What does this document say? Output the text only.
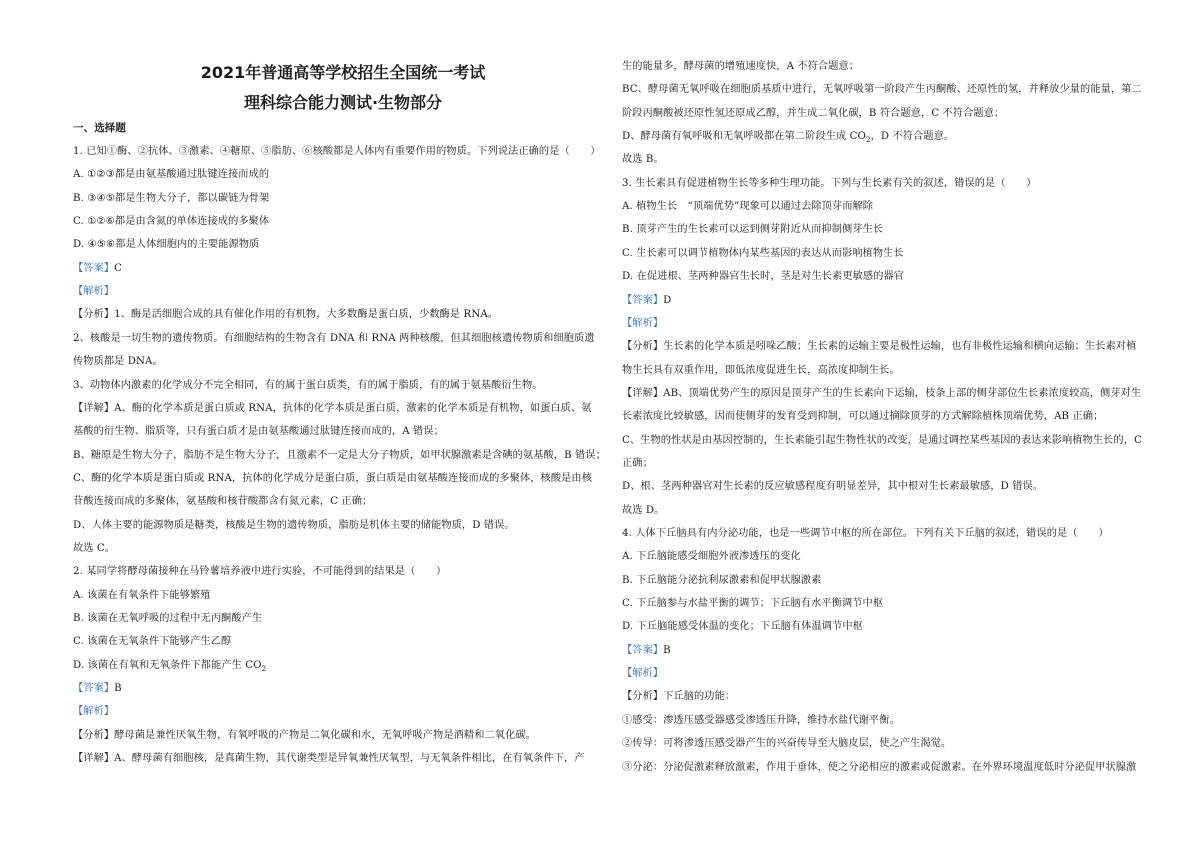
2021年普通高等学校招生全国统一考试
理科综合能力测试·生物部分
一、选择题
1. 已知①酶、②抗体、③激素、④糖原、⑤脂肪、⑥核酸都是人体内有重要作用的物质。下列说法正确的是（　　）
A. ①②③都是由氨基酸通过肽键连接而成的
B. ③④⑤都是生物大分子，都以碳链为骨架
C. ①②⑥都是由含氮的单体连接成的多聚体
D. ④⑤⑥都是人体细胞内的主要能源物质
【答案】C
【解析】
【分析】1、酶是活细胞合成的具有催化作用的有机物，大多数酶是蛋白质，少数酶是 RNA。
2、核酸是一切生物的遗传物质。有细胞结构的生物含有 DNA 和 RNA 两种核酸，但其细胞核遗传物质和细胞质遗
传物质都是 DNA。
3、动物体内激素的化学成分不完全相同，有的属于蛋白质类，有的属于脂质，有的属于氨基酸衍生物。
【详解】A、酶的化学本质是蛋白质或 RNA，抗体的化学本质是蛋白质，激素的化学本质是有机物，如蛋白质、氨
基酸的衍生物、脂质等，只有蛋白质才是由氨基酸通过肽键连接而成的，A 错误；
B、糖原是生物大分子，脂肪不是生物大分子，且激素不一定是大分子物质，如甲状腺激素是含碘的氨基酸，B 错误；
C、酶的化学本质是蛋白质或 RNA，抗体的化学成分是蛋白质，蛋白质是由氨基酸连接而成的多聚体，核酸是由核
苷酸连接而成的多聚体，氨基酸和核苷酸都含有氮元素，C 正确；
D、人体主要的能源物质是糖类，核酸是生物的遗传物质，脂肪是机体主要的储能物质，D 错误。
故选 C。
2. 某同学将酵母菌接种在马铃薯培养液中进行实验，不可能得到的结果是（　　）
A. 该菌在有氧条件下能够繁殖
B. 该菌在无氧呼吸的过程中无丙酮酸产生
C. 该菌在无氧条件下能够产生乙醇
D. 该菌在有氧和无氧条件下都能产生 $CO_2$
【答案】B
【解析】
【分析】酵母菌是兼性厌氧生物，有氧呼吸的产物是二氧化碳和水，无氧呼吸产物是酒精和二氧化碳。
【详解】A、酵母菌有细胞核，是真菌生物，其代谢类型是异氧兼性厌氧型，与无氧条件相比，在有氧条件下，产
生的能量多，酵母菌的增殖速度快，A 不符合题意；
BC、酵母菌无氧呼吸在细胞质基质中进行，无氧呼吸第一阶段产生丙酮酸、还原性的氢，并释放少量的能量，第二
阶段丙酮酸被还原性氢还原成乙醇，并生成二氧化碳，B 符合题意，C 不符合题意；
D、酵母菌有氧呼吸和无氧呼吸都在第二阶段生成 $CO_2$，D 不符合题意。
故选 B。
3. 生长素具有促进植物生长等多种生理功能。下列与生长素有关的叙述，错误的是（　　）
A. 植物生长　“顶端优势”现象可以通过去除顶芽而解除
B. 顶芽产生的生长素可以运到侧芽附近从而抑制侧芽生长
C. 生长素可以调节植物体内某些基因的表达从而影响植物生长
D. 在促进根、茎两种器官生长时，茎是对生长素更敏感的器官
【答案】D
【解析】
【分析】生长素的化学本质是吲哚乙酸；生长素的运输主要是极性运输，也有非极性运输和横向运输；生长素对植
物生长具有双重作用，即低浓度促进生长，高浓度抑制生长。
【详解】AB、顶端优势产生的原因是顶芽产生的生长素向下运输，枝条上部的侧芽部位生长素浓度较高，侧芽对生
长素浓度比较敏感，因而使侧芽的发育受到抑制，可以通过摘除顶芽的方式解除植株顶端优势，AB 正确；
C、生物的性状是由基因控制的，生长素能引起生物性状的改变，是通过调控某些基因的表达来影响植物生长的，C
正确；
D、根、茎两种器官对生长素的反应敏感程度有明显差异，其中根对生长素最敏感，D 错误。
故选 D。
4. 人体下丘脑具有内分泌功能，也是一些调节中枢的所在部位。下列有关下丘脑的叙述，错误的是（　　）
A. 下丘脑能感受细胞外液渗透压的变化
B. 下丘脑能分泌抗利尿激素和促甲状腺激素
C. 下丘脑参与水盐平衡的调节；下丘脑有水平衡调节中枢
D. 下丘脑能感受体温的变化；下丘脑有体温调节中枢
【答案】B
【解析】
【分析】下丘脑的功能：
①感受：渗透压感受器感受渗透压升降，维持水盐代谢平衡。
②传导：可将渗透压感受器产生的兴奋传导至大脑皮层，使之产生渴觉。
③分泌：分泌促激素释放激素，作用于垂体，使之分泌相应的激素或促激素。在外界环境温度低时分泌促甲状腺激
